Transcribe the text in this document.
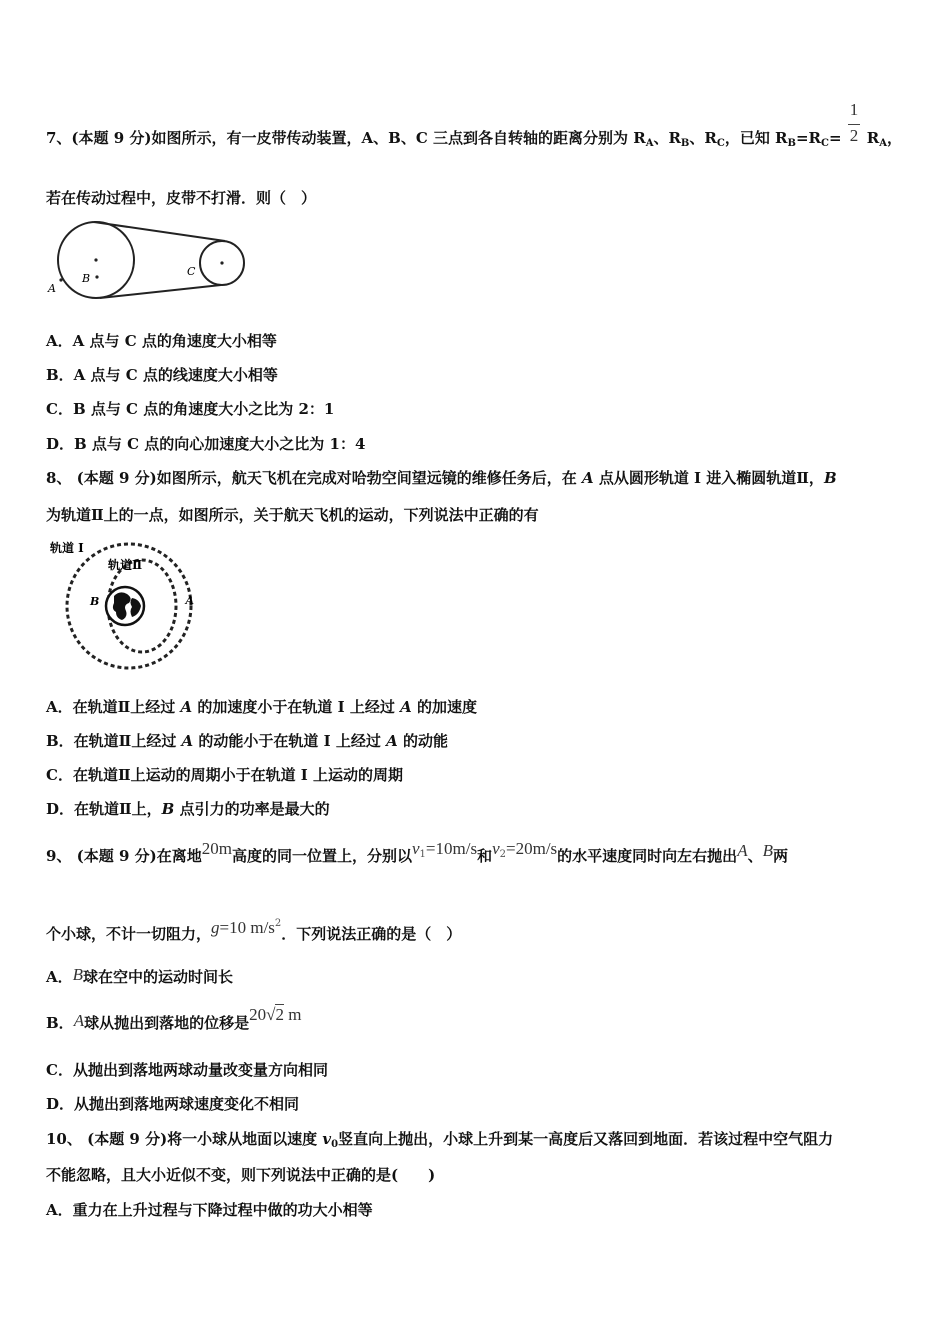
7、(本题 9 分)如图所示，有一皮带传动装置，A、B、C 三点到各自转轴的距离分别为 $R_A$、$R_B$、$R_C$，已知 $R_B=R_C= R_A$，
1
2
若在传动过程中，皮带不打滑．则（　）
A
B
C
A．A 点与 C 点的角速度大小相等
B．A 点与 C 点的线速度大小相等
C．B 点与 C 点的角速度大小之比为 2：1
D．B 点与 C 点的向心加速度大小之比为 1：4
8、 (本题 9 分)如图所示，航天飞机在完成对哈勃空间望远镜的维修任务后，在 A 点从圆形轨道 I 进入椭圆轨道Ⅱ，B
为轨道Ⅱ上的一点，如图所示，关于航天飞机的运动，下列说法中正确的有
轨道 I
轨道Ⅱ
B	A
A．在轨道Ⅱ上经过 A 的加速度小于在轨道 I 上经过 A 的加速度
B．在轨道Ⅱ上经过 A 的动能小于在轨道 I 上经过 A 的动能
C．在轨道Ⅱ上运动的周期小于在轨道 I 上运动的周期
D．在轨道Ⅱ上，B 点引力的功率是最大的
9、 (本题 9 分)在离地20m高度的同一位置上，分别以$v_1=10m/s$和$v_2=20m/s$的水平速度同时向左右抛出A、B两
个小球，不计一切阻力，g=10 $m/s^2$．下列说法正确的是（　）
A．B球在空中的运动时间长
B．A球从抛出到落地的位移是20√2 m
C．从抛出到落地两球动量改变量方向相同
D．从抛出到落地两球速度变化不相同
10、 (本题 9 分)将一小球从地面以速度 $v_0$竖直向上抛出，小球上升到某一高度后又落回到地面．若该过程中空气阻力
不能忽略，且大小近似不变，则下列说法中正确的是(　　)
A．重力在上升过程与下降过程中做的功大小相等
